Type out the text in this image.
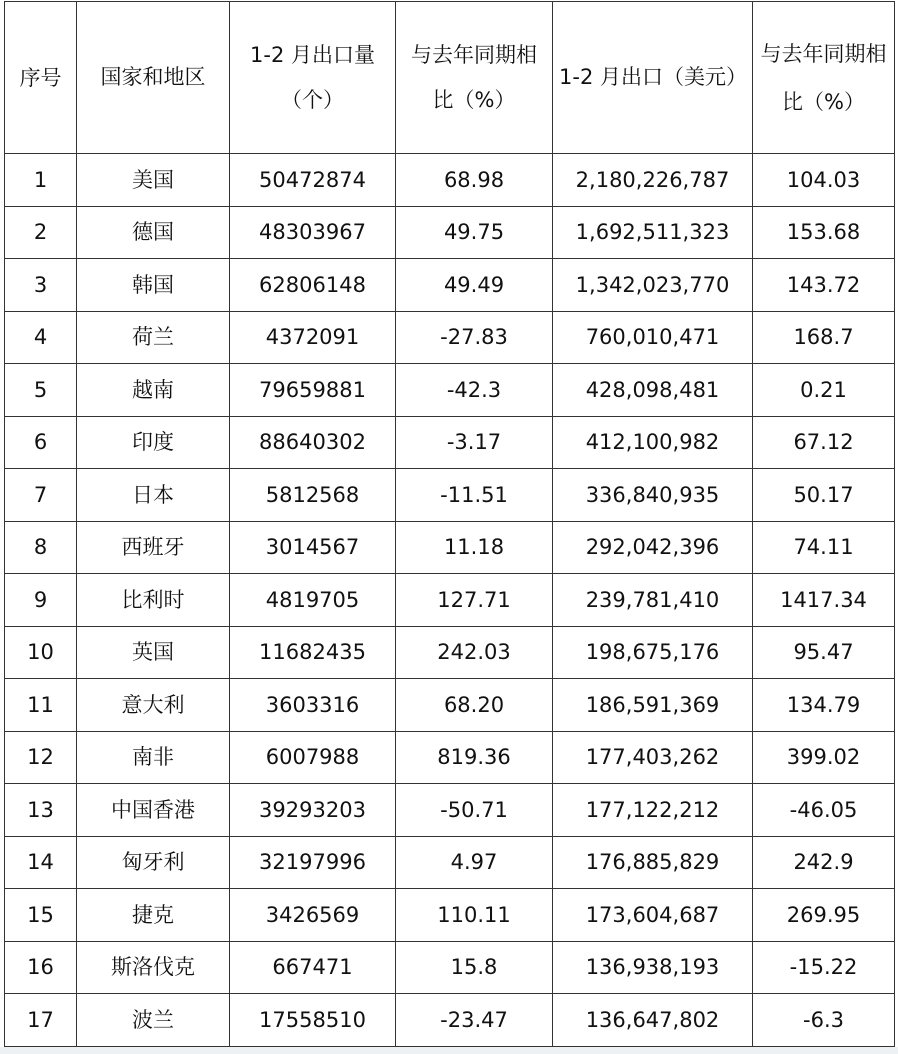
序号	国家和地区	1-2 月出口量（个）	与去年同期相比（%）	1-2 月出口（美元）	与去年同期相比（%）
1	美国	50472874	68.98	2,180,226,787	104.03
2	德国	48303967	49.75	1,692,511,323	153.68
3	韩国	62806148	49.49	1,342,023,770	143.72
4	荷兰	4372091	-27.83	760,010,471	168.7
5	越南	79659881	-42.3	428,098,481	0.21
6	印度	88640302	-3.17	412,100,982	67.12
7	日本	5812568	-11.51	336,840,935	50.17
8	西班牙	3014567	11.18	292,042,396	74.11
9	比利时	4819705	127.71	239,781,410	1417.34
10	英国	11682435	242.03	198,675,176	95.47
11	意大利	3603316	68.20	186,591,369	134.79
12	南非	6007988	819.36	177,403,262	399.02
13	中国香港	39293203	-50.71	177,122,212	-46.05
14	匈牙利	32197996	4.97	176,885,829	242.9
15	捷克	3426569	110.11	173,604,687	269.95
16	斯洛伐克	667471	15.8	136,938,193	-15.22
17	波兰	17558510	-23.47	136,647,802	-6.3
